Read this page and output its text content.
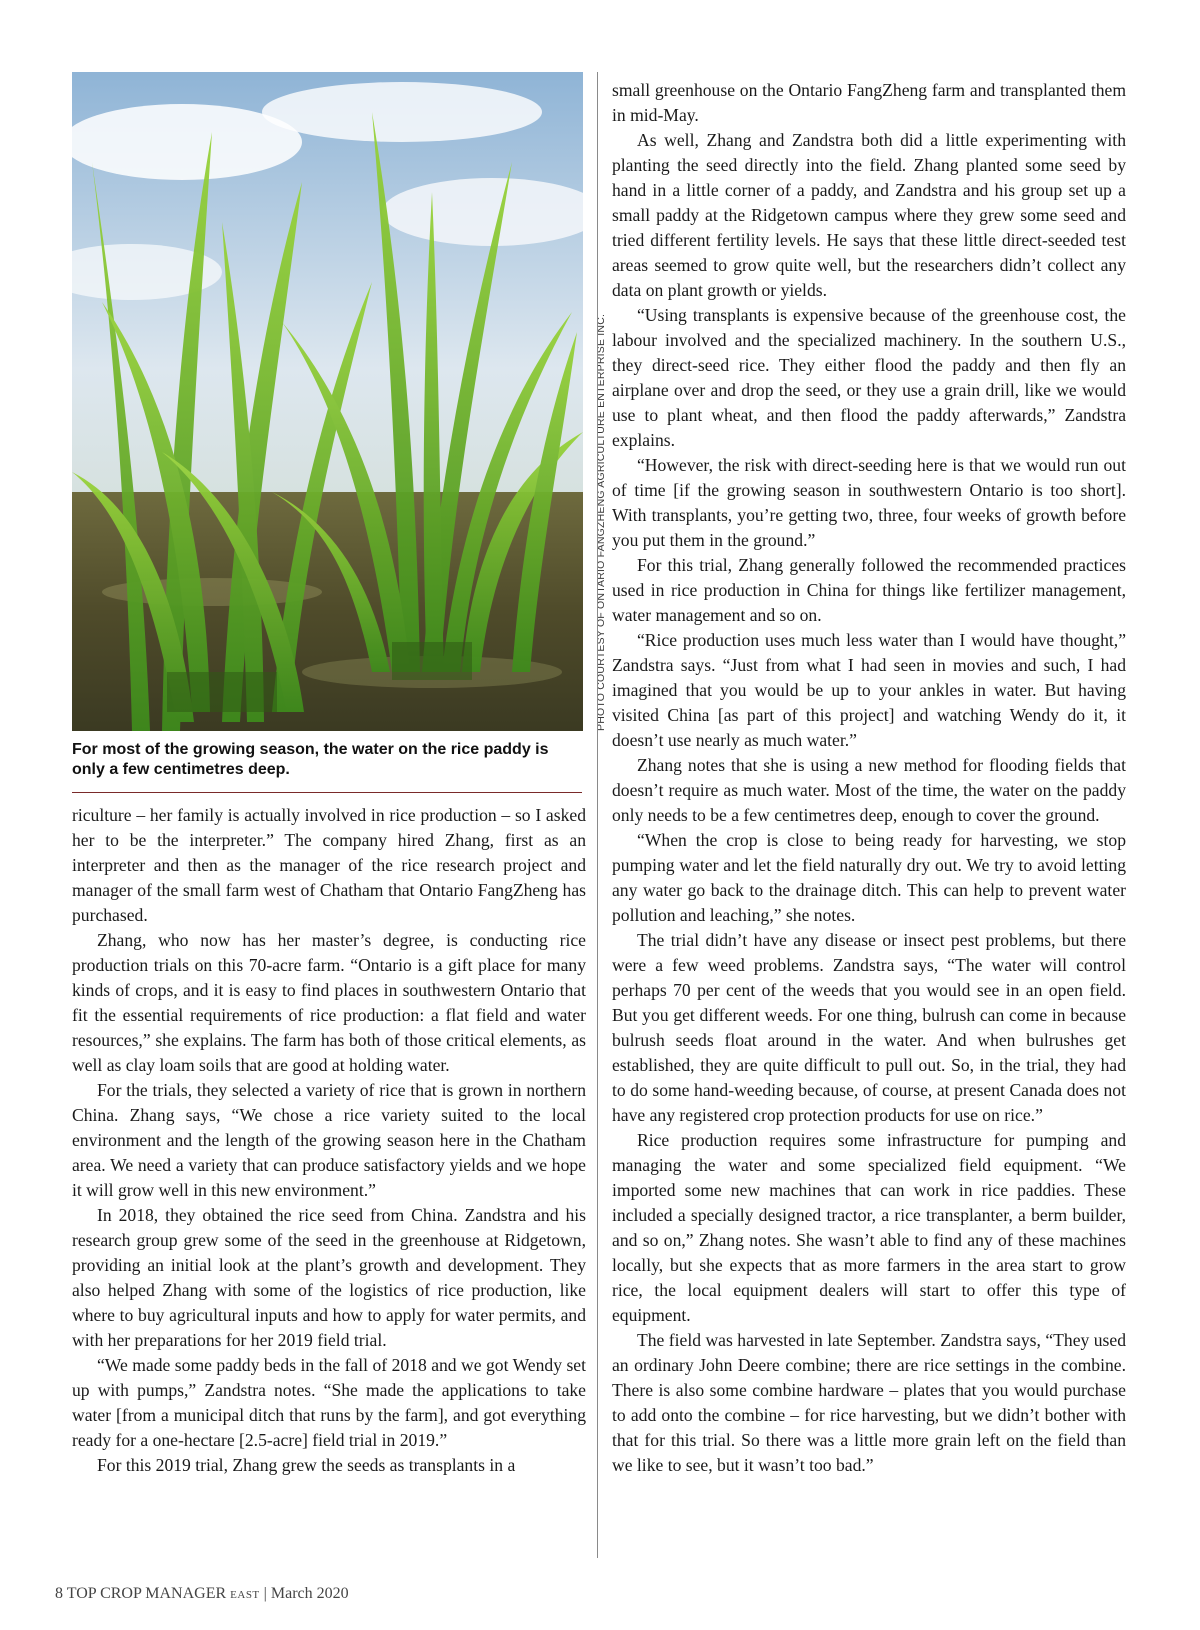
PHOTO COURTESY OF ONTARIO FANGZHENG AGRICULTURE ENTERPRISE INC.
For most of the growing season, the water on the rice paddy is only a few centimetres deep.

riculture – her family is actually involved in rice production – so I asked her to be the interpreter.” The company hired Zhang, first as an interpreter and then as the manager of the rice research project and manager of the small farm west of Chatham that Ontario FangZheng has purchased.

Zhang, who now has her master’s degree, is conducting rice production trials on this 70-acre farm. “Ontario is a gift place for many kinds of crops, and it is easy to find places in southwestern Ontario that fit the essential requirements of rice production: a flat field and water resources,” she explains. The farm has both of those critical elements, as well as clay loam soils that are good at holding water.

For the trials, they selected a variety of rice that is grown in northern China. Zhang says, “We chose a rice variety suited to the local environment and the length of the growing season here in the Chatham area. We need a variety that can produce satisfactory yields and we hope it will grow well in this new environment.”

In 2018, they obtained the rice seed from China. Zandstra and his research group grew some of the seed in the greenhouse at Ridgetown, providing an initial look at the plant’s growth and development. They also helped Zhang with some of the logistics of rice production, like where to buy agricultural inputs and how to apply for water permits, and with her preparations for her 2019 field trial.

“We made some paddy beds in the fall of 2018 and we got Wendy set up with pumps,” Zandstra notes. “She made the applications to take water [from a municipal ditch that runs by the farm], and got everything ready for a one-hectare [2.5-acre] field trial in 2019.”

For this 2019 trial, Zhang grew the seeds as transplants in a

small greenhouse on the Ontario FangZheng farm and transplanted them in mid-May.

As well, Zhang and Zandstra both did a little experimenting with planting the seed directly into the field. Zhang planted some seed by hand in a little corner of a paddy, and Zandstra and his group set up a small paddy at the Ridgetown campus where they grew some seed and tried different fertility levels. He says that these little direct-seeded test areas seemed to grow quite well, but the researchers didn’t collect any data on plant growth or yields.

“Using transplants is expensive because of the greenhouse cost, the labour involved and the specialized machinery. In the southern U.S., they direct-seed rice. They either flood the paddy and then fly an airplane over and drop the seed, or they use a grain drill, like we would use to plant wheat, and then flood the paddy afterwards,” Zandstra explains.

“However, the risk with direct-seeding here is that we would run out of time [if the growing season in southwestern Ontario is too short]. With transplants, you’re getting two, three, four weeks of growth before you put them in the ground.”

For this trial, Zhang generally followed the recommended practices used in rice production in China for things like fertilizer management, water management and so on.

“Rice production uses much less water than I would have thought,” Zandstra says. “Just from what I had seen in movies and such, I had imagined that you would be up to your ankles in water. But having visited China [as part of this project] and watching Wendy do it, it doesn’t use nearly as much water.”

Zhang notes that she is using a new method for flooding fields that doesn’t require as much water. Most of the time, the water on the paddy only needs to be a few centimetres deep, enough to cover the ground.

“When the crop is close to being ready for harvesting, we stop pumping water and let the field naturally dry out. We try to avoid letting any water go back to the drainage ditch. This can help to prevent water pollution and leaching,” she notes.

The trial didn’t have any disease or insect pest problems, but there were a few weed problems. Zandstra says, “The water will control perhaps 70 per cent of the weeds that you would see in an open field. But you get different weeds. For one thing, bulrush can come in because bulrush seeds float around in the water. And when bulrushes get established, they are quite difficult to pull out. So, in the trial, they had to do some hand-weeding because, of course, at present Canada does not have any registered crop protection products for use on rice.”

Rice production requires some infrastructure for pumping and managing the water and some specialized field equipment. “We imported some new machines that can work in rice paddies. These included a specially designed tractor, a rice transplanter, a berm builder, and so on,” Zhang notes. She wasn’t able to find any of these machines locally, but she expects that as more farmers in the area start to grow rice, the local equipment dealers will start to offer this type of equipment.

The field was harvested in late September. Zandstra says, “They used an ordinary John Deere combine; there are rice settings in the combine. There is also some combine hardware – plates that you would purchase to add onto the combine – for rice harvesting, but we didn’t bother with that for this trial. So there was a little more grain left on the field than we like to see, but it wasn’t too bad.”

8 TOP CROP MANAGER EAST | March 2020
